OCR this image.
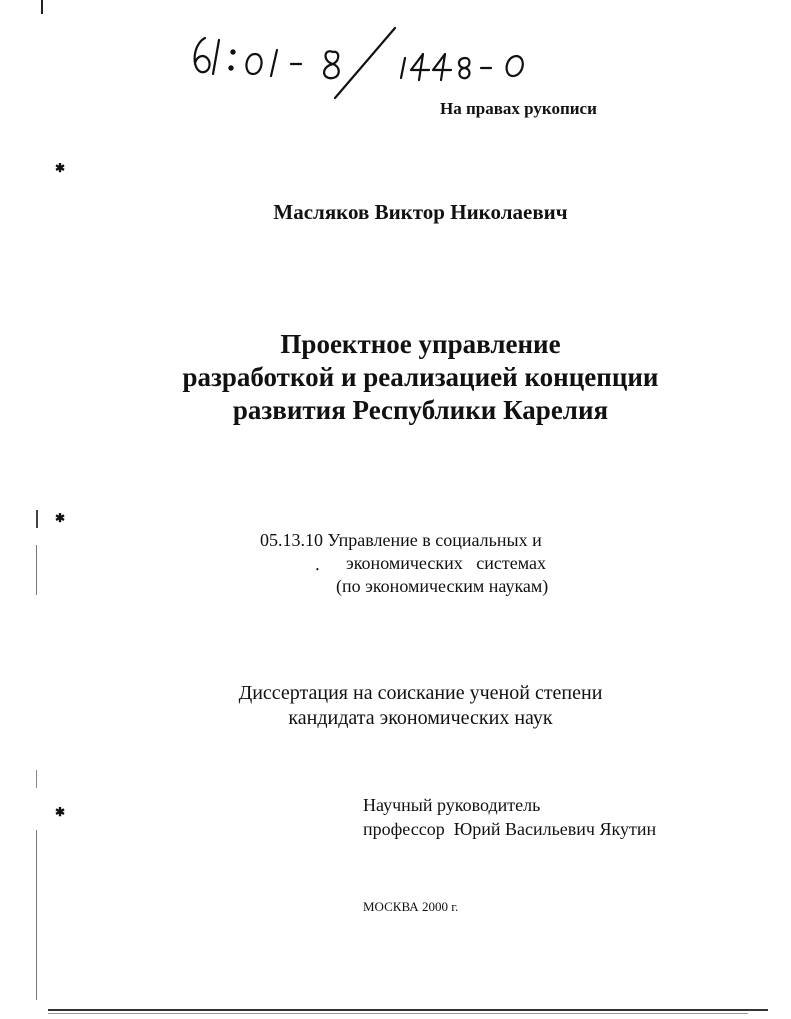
✱
✱
✱
•
На правах рукописи
Масляков Виктор Николаевич
Проектное управление
разработкой и реализацией концепции
развития Республики Карелия
05.13.10 Управление в социальных и
экономических   системах
(по экономическим наукам)
Диссертация на соискание ученой степени
кандидата экономических наук
Научный руководитель
профессор  Юрий Васильевич Якутин
МОСКВА 2000 г.
